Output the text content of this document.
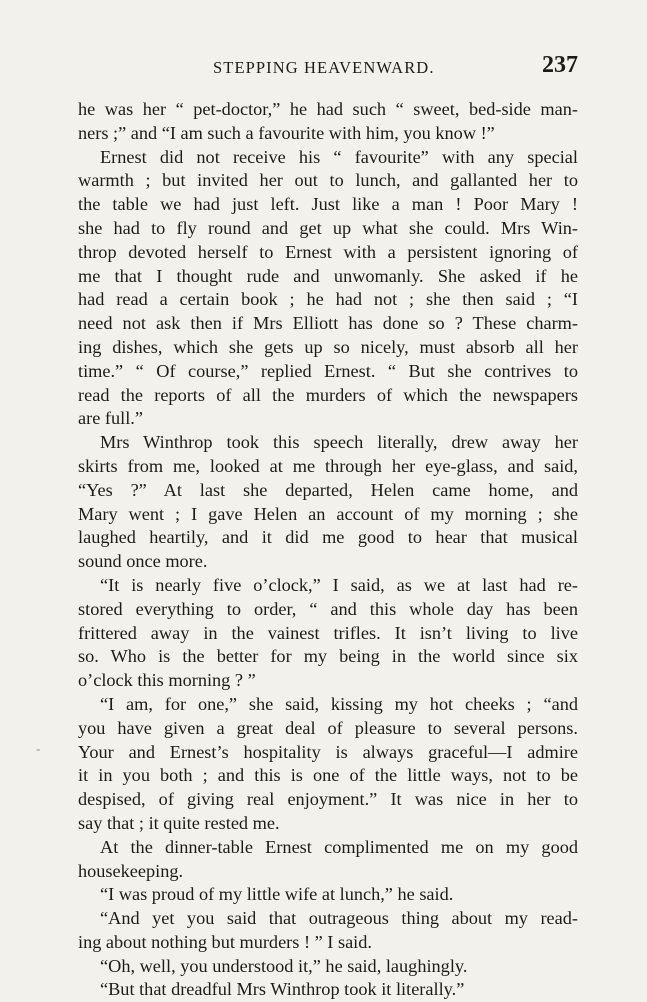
STEPPING HEAVENWARD.	237
he was her “ pet-doctor,” he had such “ sweet, bed-side man-
ners ;” and “I am such a favourite with him, you know !”
Ernest did not receive his “ favourite” with any special
warmth ; but invited her out to lunch, and gallanted her to
the table we had just left. Just like a man ! Poor Mary !
she had to fly round and get up what she could. Mrs Win-
throp devoted herself to Ernest with a persistent ignoring of
me that I thought rude and unwomanly. She asked if he
had read a certain book ; he had not ; she then said ; “I
need not ask then if Mrs Elliott has done so ? These charm-
ing dishes, which she gets up so nicely, must absorb all her
time.” “ Of course,” replied Ernest. “ But she contrives to
read the reports of all the murders of which the newspapers
are full.”
Mrs Winthrop took this speech literally, drew away her
skirts from me, looked at me through her eye-glass, and said,
“Yes ?” At last she departed, Helen came home, and
Mary went ; I gave Helen an account of my morning ; she
laughed heartily, and it did me good to hear that musical
sound once more.
“It is nearly five o’clock,” I said, as we at last had re-
stored everything to order, “ and this whole day has been
frittered away in the vainest trifles. It isn’t living to live
so. Who is the better for my being in the world since six
o’clock this morning ? ”
“I am, for one,” she said, kissing my hot cheeks ; “and
you have given a great deal of pleasure to several persons.
Your and Ernest’s hospitality is always graceful—I admire
it in you both ; and this is one of the little ways, not to be
despised, of giving real enjoyment.” It was nice in her to
say that ; it quite rested me.
At the dinner-table Ernest complimented me on my good
housekeeping.
“I was proud of my little wife at lunch,” he said.
“And yet you said that outrageous thing about my read-
ing about nothing but murders ! ” I said.
“Oh, well, you understood it,” he said, laughingly.
“But that dreadful Mrs Winthrop took it literally.”
-
